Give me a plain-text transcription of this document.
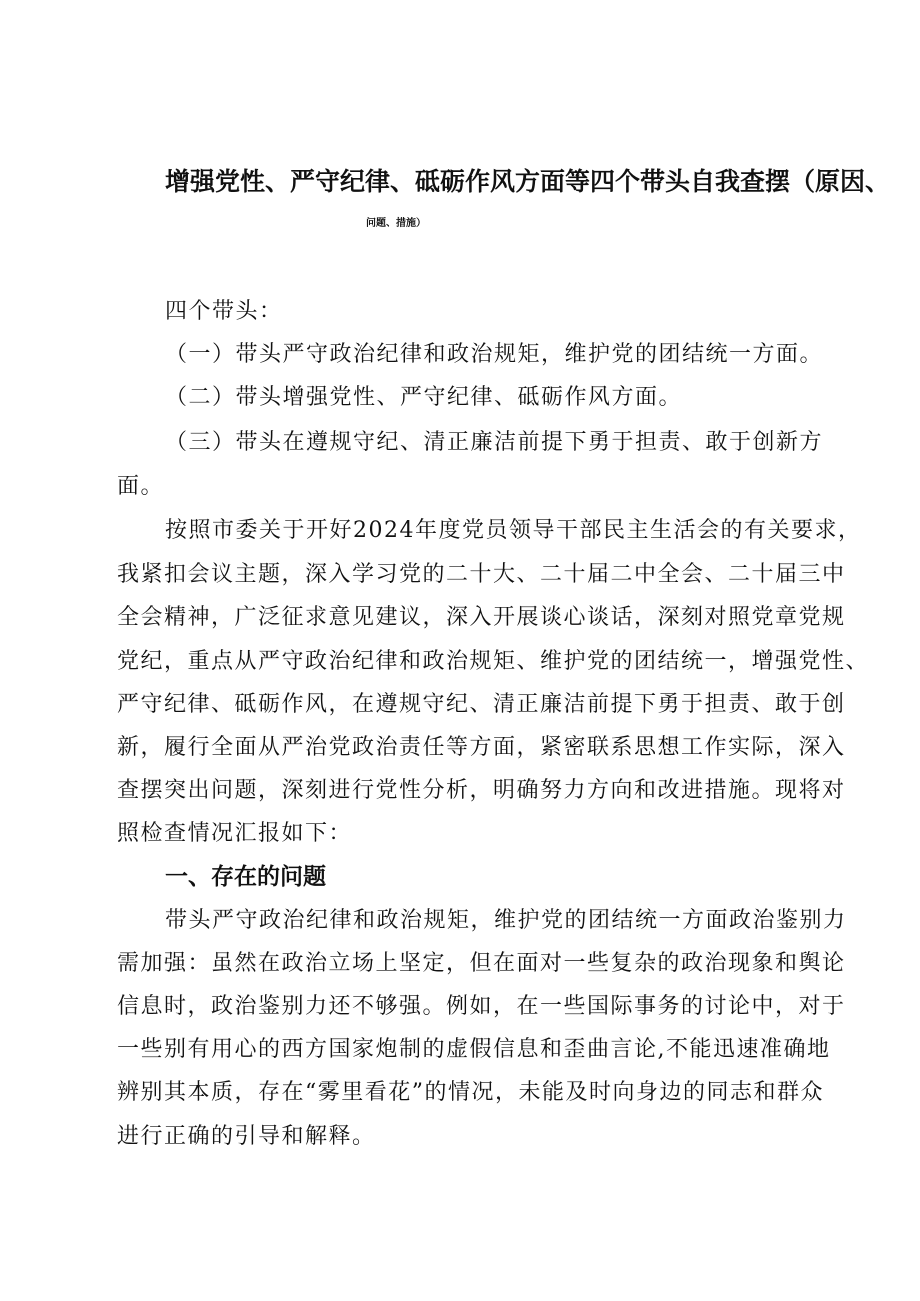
增强党性、严守纪律、砥砺作风方面等四个带头自我查摆（原因、
问题、措施）
四个带头：
（一）带头严守政治纪律和政治规矩，维护党的团结统一方面。
（二）带头增强党性、严守纪律、砥砺作风方面。
（三）带头在遵规守纪、清正廉洁前提下勇于担责、敢于创新方
面。
按照市委关于开好2024年度党员领导干部民主生活会的有关要求，
我紧扣会议主题，深入学习党的二十大、二十届二中全会、二十届三中
全会精神，广泛征求意见建议，深入开展谈心谈话，深刻对照党章党规
党纪，重点从严守政治纪律和政治规矩、维护党的团结统一，增强党性、
严守纪律、砥砺作风，在遵规守纪、清正廉洁前提下勇于担责、敢于创
新，履行全面从严治党政治责任等方面，紧密联系思想工作实际，深入
查摆突出问题，深刻进行党性分析，明确努力方向和改进措施。现将对
照检查情况汇报如下：
一、存在的问题
带头严守政治纪律和政治规矩，维护党的团结统一方面政治鉴别力
需加强：虽然在政治立场上坚定，但在面对一些复杂的政治现象和舆论
信息时，政治鉴别力还不够强。例如，在一些国际事务的讨论中，对于
一些别有用心的西方国家炮制的虚假信息和歪曲言论,不能迅速准确地
辨别其本质，存在“雾里看花”的情况，未能及时向身边的同志和群众
进行正确的引导和解释。
